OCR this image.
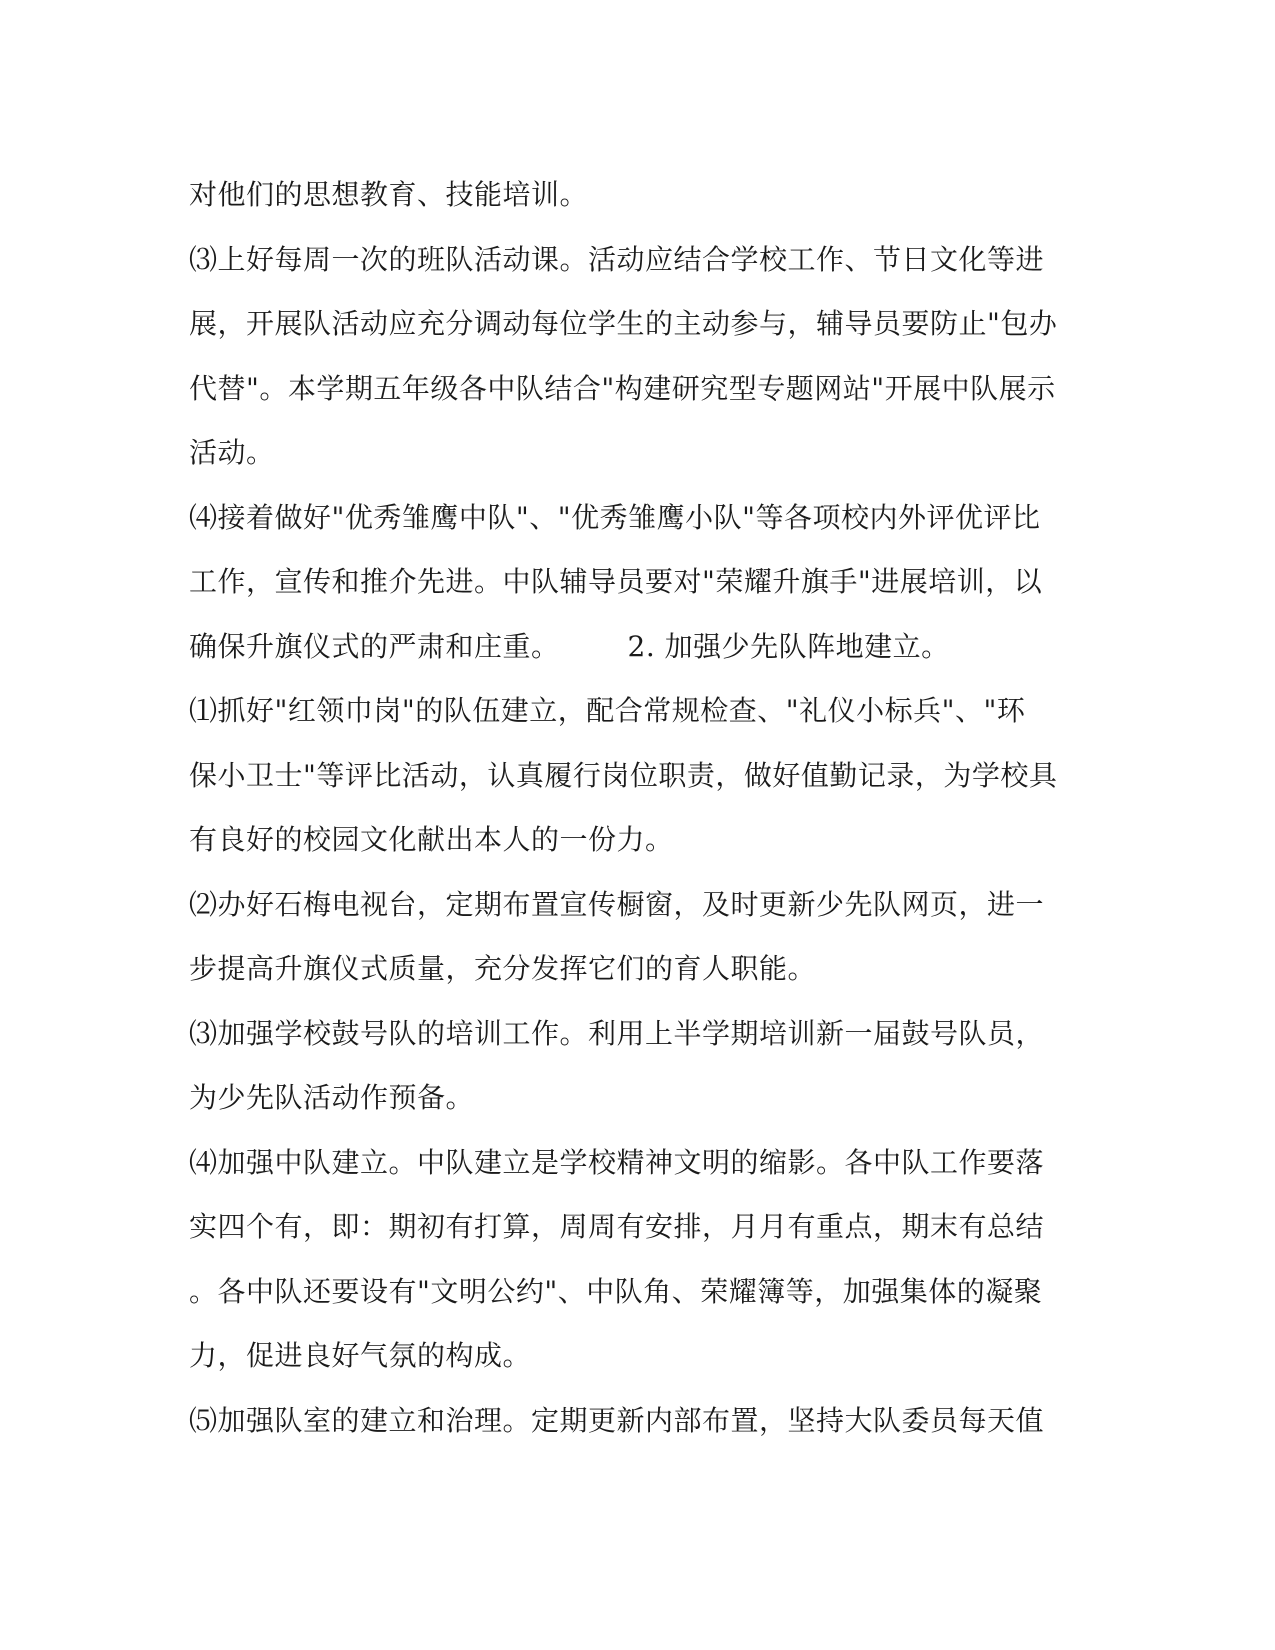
对他们的思想教育、技能培训。
⑶上好每周一次的班队活动课。活动应结合学校工作、节日文化等进
展，开展队活动应充分调动每位学生的主动参与，辅导员要防止"包办
代替"。本学期五年级各中队结合"构建研究型专题网站"开展中队展示
活动。
⑷接着做好"优秀雏鹰中队"、"优秀雏鹰小队"等各项校内外评优评比
工作，宣传和推介先进。中队辅导员要对"荣耀升旗手"进展培训，以
确保升旗仪式的严肃和庄重。 2. 加强少先队阵地建立。
⑴抓好"红领巾岗"的队伍建立，配合常规检查、"礼仪小标兵"、"环
保小卫士"等评比活动，认真履行岗位职责，做好值勤记录，为学校具
有良好的校园文化献出本人的一份力。
⑵办好石梅电视台，定期布置宣传橱窗，及时更新少先队网页，进一
步提高升旗仪式质量，充分发挥它们的育人职能。
⑶加强学校鼓号队的培训工作。利用上半学期培训新一届鼓号队员，
为少先队活动作预备。
⑷加强中队建立。中队建立是学校精神文明的缩影。各中队工作要落
实四个有，即：期初有打算，周周有安排，月月有重点，期末有总结
。各中队还要设有"文明公约"、中队角、荣耀簿等，加强集体的凝聚
力，促进良好气氛的构成。
⑸加强队室的建立和治理。定期更新内部布置，坚持大队委员每天值
